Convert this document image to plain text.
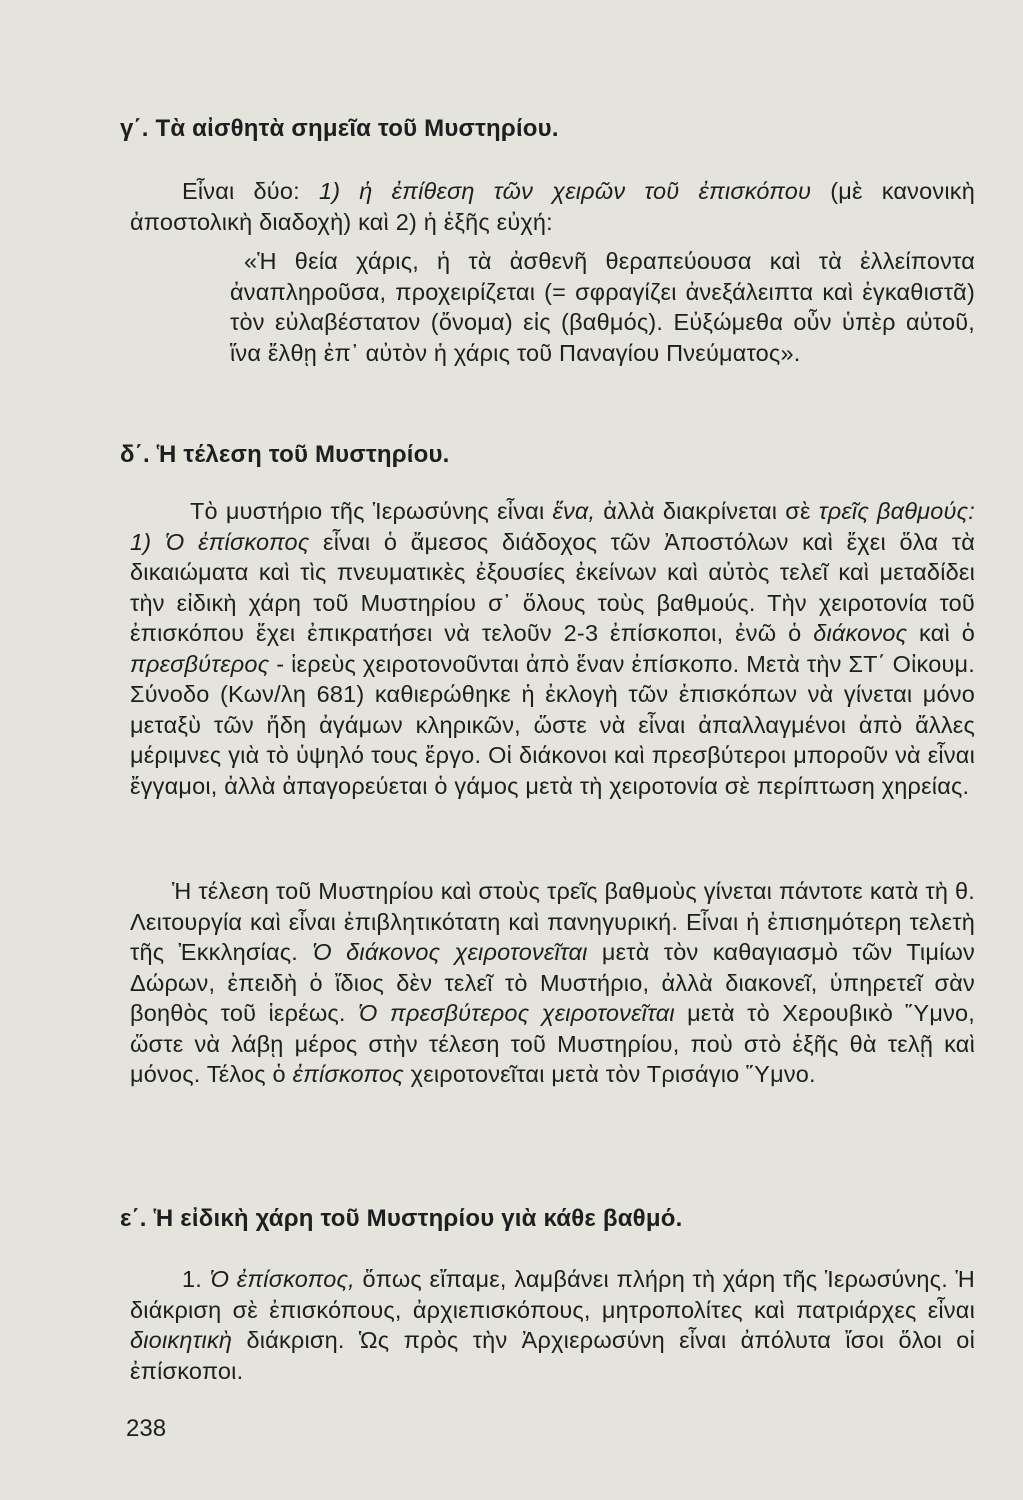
γ΄. Τὰ αἰσθητὰ σημεῖα τοῦ Μυστηρίου.
Εἶναι δύο: 1) ἡ ἐπίθεση τῶν χειρῶν τοῦ ἐπισκόπου (μὲ κανονικὴ ἀποστολικὴ διαδοχὴ) καὶ 2) ἡ ἑξῆς εὐχή:
«Ἡ θεία χάρις, ἡ τὰ ἀσθενῆ θεραπεύουσα καὶ τὰ ἐλλείποντα ἀναπληροῦσα, προχειρίζεται (= σφραγίζει ἀνεξάλειπτα καὶ ἐγκαθιστᾶ) τὸν εὐλαβέστατον (ὄνομα) εἰς (βαθμός). Εὐξώμεθα οὖν ὑπὲρ αὐτοῦ, ἵνα ἔλθῃ ἐπ᾽ αὐτὸν ἡ χάρις τοῦ Παναγίου Πνεύματος».
δ΄. Ἡ τέλεση τοῦ Μυστηρίου.
Τὸ μυστήριο τῆς Ἱερωσύνης εἶναι ἕνα, ἀλλὰ διακρίνεται σὲ τρεῖς βαθμούς: 1) Ὁ ἐπίσκοπος εἶναι ὁ ἄμεσος διάδοχος τῶν Ἀποστόλων καὶ ἔχει ὅλα τὰ δικαιώματα καὶ τὶς πνευματικὲς ἐξουσίες ἐκείνων καὶ αὐτὸς τελεῖ καὶ μεταδίδει τὴν εἰδικὴ χάρη τοῦ Μυστηρίου σ᾽ ὅλους τοὺς βαθμούς. Τὴν χειροτονία τοῦ ἐπισκόπου ἔχει ἐπικρατήσει νὰ τελοῦν 2-3 ἐπίσκοποι, ἐνῶ ὁ διάκονος καὶ ὁ πρεσβύτερος - ἱερεὺς χειροτονοῦνται ἀπὸ ἕναν ἐπίσκοπο. Μετὰ τὴν ΣΤ΄ Οἰκουμ. Σύνοδο (Κων/λη 681) καθιερώθηκε ἡ ἐκλογὴ τῶν ἐπισκόπων νὰ γίνεται μόνο μεταξὺ τῶν ἤδη ἀγάμων κληρικῶν, ὥστε νὰ εἶναι ἀπαλλαγμένοι ἀπὸ ἄλλες μέριμνες γιὰ τὸ ὑψηλό τους ἔργο. Οἱ διάκονοι καὶ πρεσβύτεροι μποροῦν νὰ εἶναι ἔγγαμοι, ἀλλὰ ἀπαγορεύεται ὁ γάμος μετὰ τὴ χειροτονία σὲ περίπτωση χηρείας.
Ἡ τέλεση τοῦ Μυστηρίου καὶ στοὺς τρεῖς βαθμοὺς γίνεται πάντοτε κατὰ τὴ θ. Λειτουργία καὶ εἶναι ἐπιβλητικότατη καὶ πανηγυρική. Εἶναι ἡ ἐπισημότερη τελετὴ τῆς Ἐκκλησίας. Ὁ διάκονος χειροτονεῖται μετὰ τὸν καθαγιασμὸ τῶν Τιμίων Δώρων, ἐπειδὴ ὁ ἴδιος δὲν τελεῖ τὸ Μυστήριο, ἀλλὰ διακονεῖ, ὑπηρετεῖ σὰν βοηθὸς τοῦ ἱερέως. Ὁ πρεσβύτερος χειροτονεῖται μετὰ τὸ Χερουβικὸ Ὕμνο, ὥστε νὰ λάβῃ μέρος στὴν τέλεση τοῦ Μυστηρίου, ποὺ στὸ ἑξῆς θὰ τελῇ καὶ μόνος. Τέλος ὁ ἐπίσκοπος χειροτονεῖται μετὰ τὸν Τρισάγιο Ὕμνο.
ε΄. Ἡ εἰδικὴ χάρη τοῦ Μυστηρίου γιὰ κάθε βαθμό.
1. Ὁ ἐπίσκοπος, ὅπως εἴπαμε, λαμβάνει πλήρη τὴ χάρη τῆς Ἱερωσύνης. Ἡ διάκριση σὲ ἐπισκόπους, ἀρχιεπισκόπους, μητροπολίτες καὶ πατριάρχες εἶναι διοικητικὴ διάκριση. Ὡς πρὸς τὴν Ἀρχιερωσύνη εἶναι ἀπόλυτα ἴσοι ὅλοι οἱ ἐπίσκοποι.
238
